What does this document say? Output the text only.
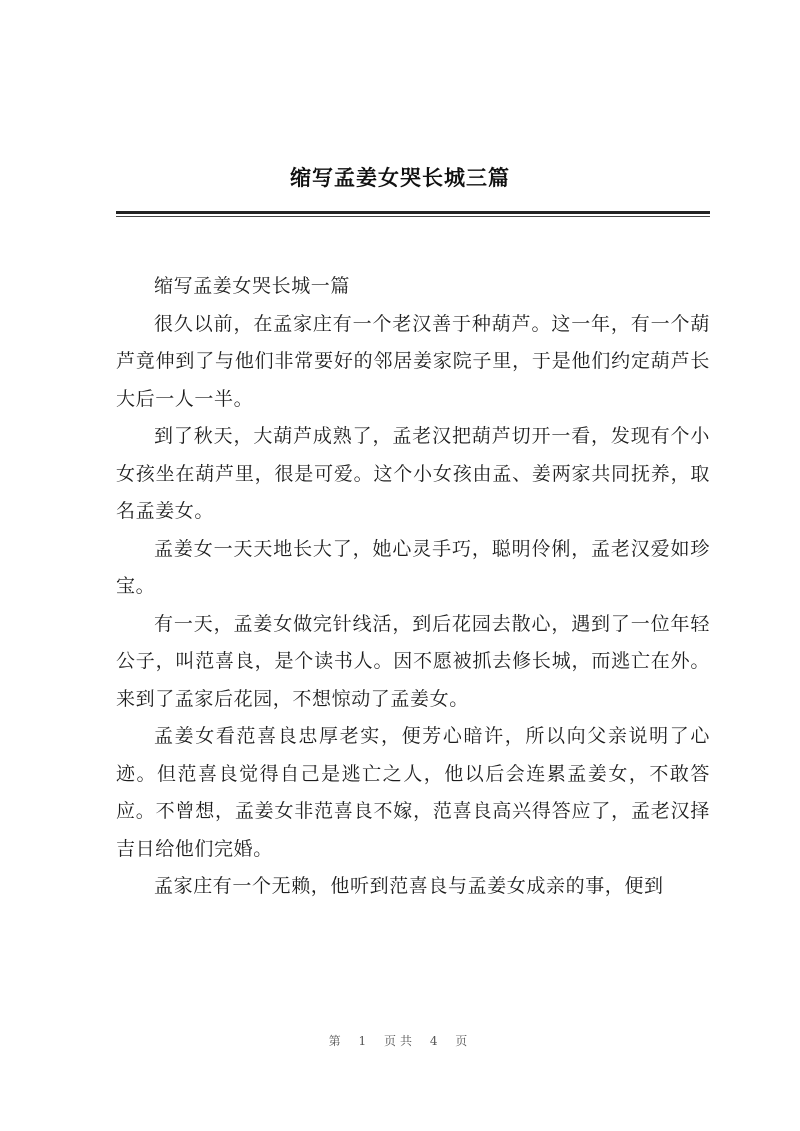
缩写孟姜女哭长城三篇

缩写孟姜女哭长城一篇

很久以前，在孟家庄有一个老汉善于种葫芦。这一年，有一个葫芦竟伸到了与他们非常要好的邻居姜家院子里，于是他们约定葫芦长大后一人一半。

到了秋天，大葫芦成熟了，孟老汉把葫芦切开一看，发现有个小女孩坐在葫芦里，很是可爱。这个小女孩由孟、姜两家共同抚养，取名孟姜女。

孟姜女一天天地长大了，她心灵手巧，聪明伶俐，孟老汉爱如珍宝。

有一天，孟姜女做完针线活，到后花园去散心，遇到了一位年轻公子，叫范喜良，是个读书人。因不愿被抓去修长城，而逃亡在外。来到了孟家后花园，不想惊动了孟姜女。

孟姜女看范喜良忠厚老实，便芳心暗许，所以向父亲说明了心迹。但范喜良觉得自己是逃亡之人，他以后会连累孟姜女，不敢答应。不曾想，孟姜女非范喜良不嫁，范喜良高兴得答应了，孟老汉择吉日给他们完婚。

孟家庄有一个无赖，他听到范喜良与孟姜女成亲的事，便到

第 1 页共 4 页
